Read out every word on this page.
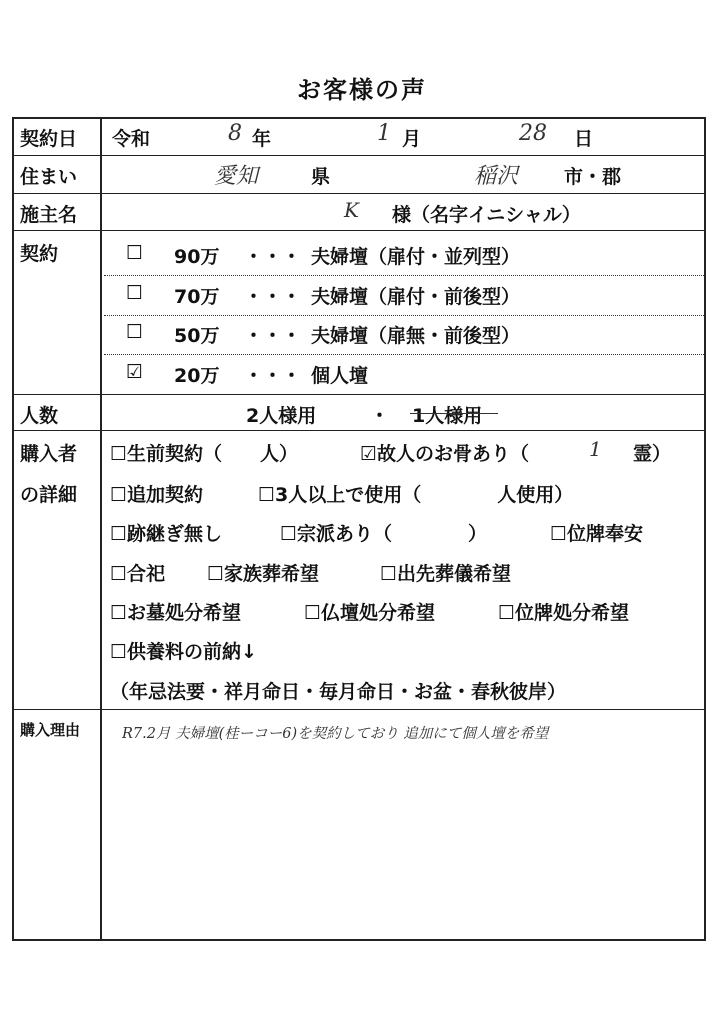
お客様の声
契約日 令和	8 年	1 月	28 日
住まい	愛知	県	稲沢 市・郡
施主名	K 様（名字イニシャル）
契約	☐ 90万 ・・・ 夫婦壇（扉付・並列型）
☐ 70万 ・・・ 夫婦壇（扉付・前後型）
☐ 50万 ・・・ 夫婦壇（扉無・前後型）
☑ 20万 ・・・ 個人壇
人数	2人様用	・ 1人様用
購入者
の詳細
☐生前契約（　　人）	☑故人のお骨あり（	1 　霊）
☐追加契約	☐3人以上で使用（　　　　人使用）
☐跡継ぎ無し	☐宗派あり（　　　　）	☐位牌奉安
☐合祀 ☐家族葬希望	☐出先葬儀希望
☐お墓処分希望	☐仏壇処分希望	☐位牌処分希望
☐供養料の前納↓
（年忌法要・祥月命日・毎月命日・お盆・春秋彼岸）
購入理由	R7.2月 夫婦壇(桂ーコー6)を契約しており 追加にて個人壇を希望
